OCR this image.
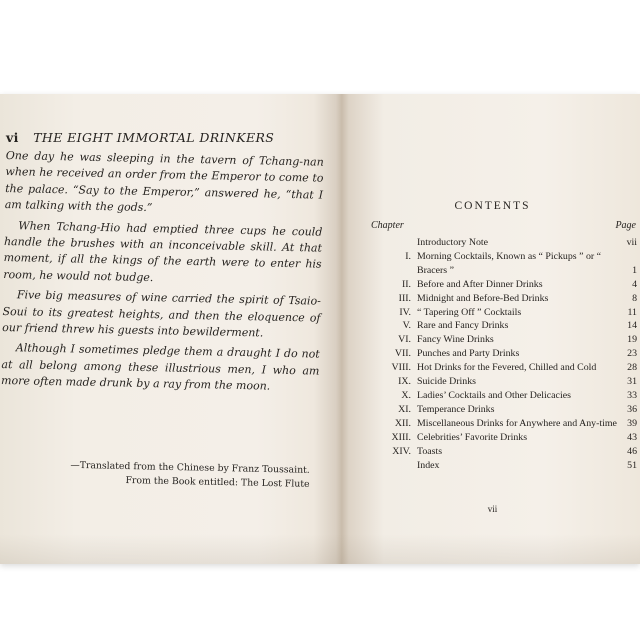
vi THE EIGHT IMMORTAL DRINKERS

One day he was sleeping in the tavern of Tchang-nan when he received an order from the Emperor to come to the palace. “Say to the Emperor,” answered he, “that I am talking with the gods.”

When Tchang-Hio had emptied three cups he could handle the brushes with an inconceivable skill. At that moment, if all the kings of the earth were to enter his room, he would not budge.

Five big measures of wine carried the spirit of Tsaio-Soui to its greatest heights, and then the eloquence of our friend threw his guests into bewilderment.

Although I sometimes pledge them a draught I do not at all belong among these illustrious men, I who am more often made drunk by a ray from the moon.

—Translated from the Chinese by Franz Toussaint.
From the Book entitled: The Lost Flute
CONTENTS
Chapter	Page
Introductory Note	vii
I. Morning Cocktails, Known as “ Pickups ” or “ Bracers ”	1
II. Before and After Dinner Drinks	4
III. Midnight and Before-Bed Drinks	8
IV. “ Tapering Off ” Cocktails	11
V. Rare and Fancy Drinks	14
VI. Fancy Wine Drinks	19
VII. Punches and Party Drinks	23
VIII. Hot Drinks for the Fevered, Chilled and Cold	28
IX. Suicide Drinks	31
X. Ladies’ Cocktails and Other Delicacies	33
XI. Temperance Drinks	36
XII. Miscellaneous Drinks for Anywhere and Any-time	39
XIII. Celebrities’ Favorite Drinks	43
XIV. Toasts	46
Index	51
vii
